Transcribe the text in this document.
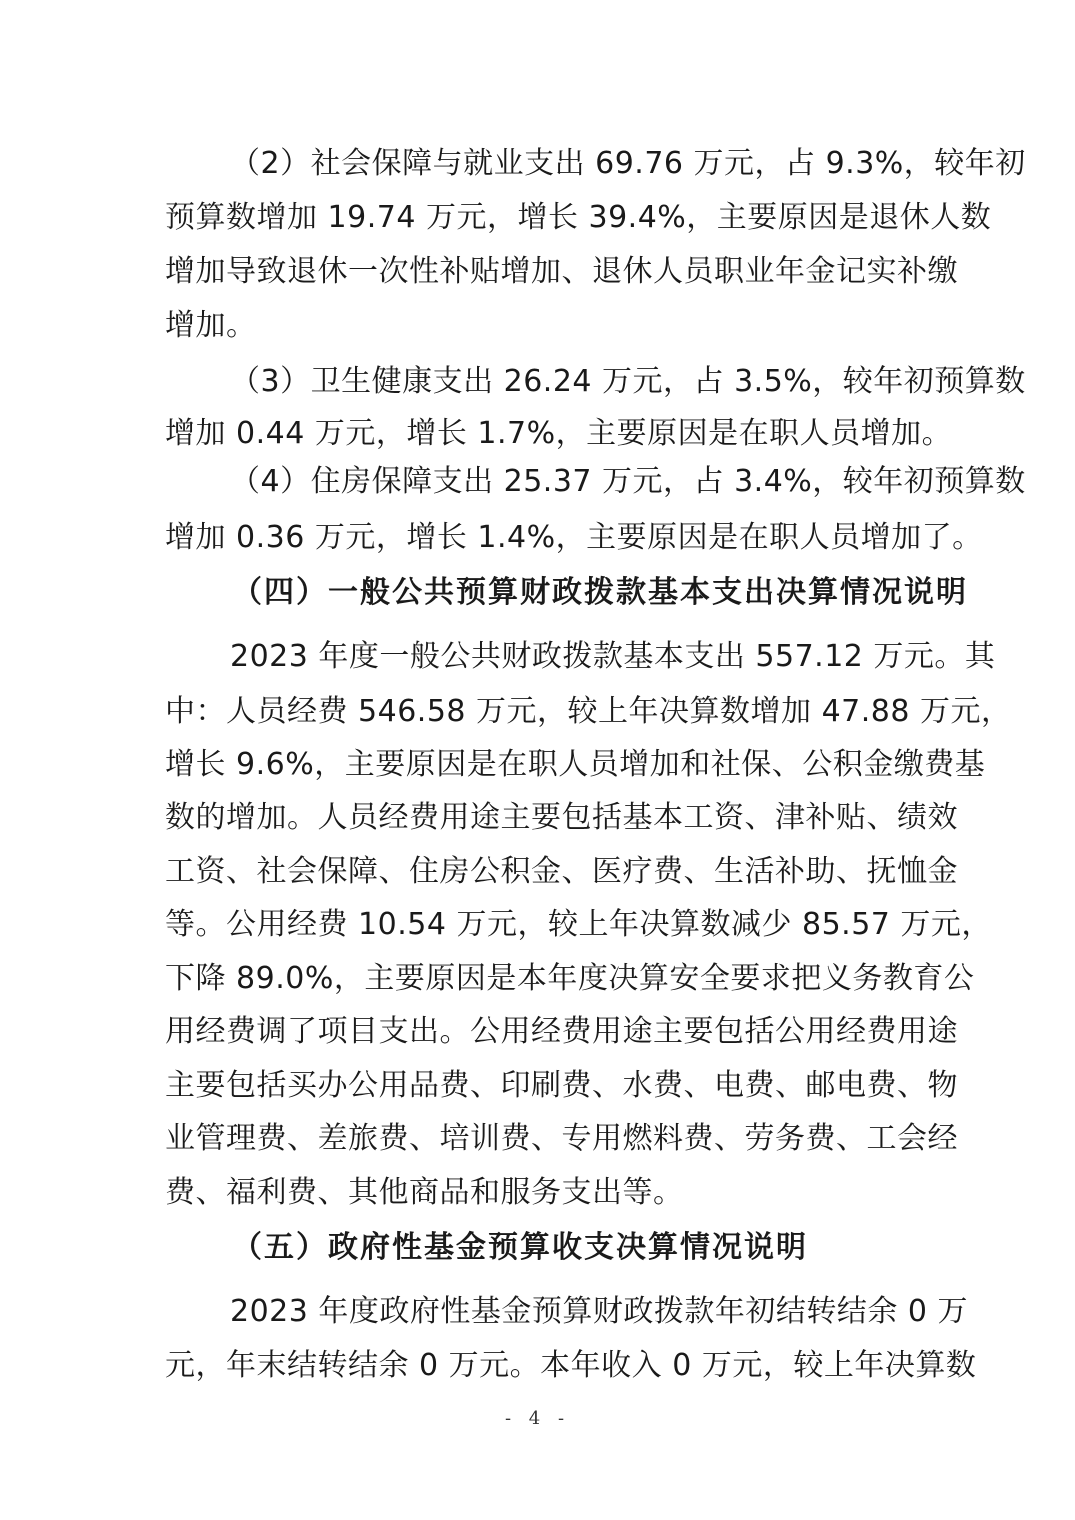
（2）社会保障与就业支出 69.76 万元，占 9.3%，较年初
预算数增加 19.74 万元，增长 39.4%，主要原因是退休人数
增加导致退休一次性补贴增加、退休人员职业年金记实补缴
增加。
（3）卫生健康支出 26.24 万元，占 3.5%，较年初预算数
增加 0.44 万元，增长 1.7%，主要原因是在职人员增加。
（4）住房保障支出 25.37 万元，占 3.4%，较年初预算数
增加 0.36 万元，增长 1.4%，主要原因是在职人员增加了。
（四）一般公共预算财政拨款基本支出决算情况说明
2023 年度一般公共财政拨款基本支出 557.12 万元。其
中：人员经费 546.58 万元，较上年决算数增加 47.88 万元，
增长 9.6%，主要原因是在职人员增加和社保、公积金缴费基
数的增加。人员经费用途主要包括基本工资、津补贴、绩效
工资、社会保障、住房公积金、医疗费、生活补助、抚恤金
等。公用经费 10.54 万元，较上年决算数减少 85.57 万元，
下降 89.0%，主要原因是本年度决算安全要求把义务教育公
用经费调了项目支出。公用经费用途主要包括公用经费用途
主要包括买办公用品费、印刷费、水费、电费、邮电费、物
业管理费、差旅费、培训费、专用燃料费、劳务费、工会经
费、福利费、其他商品和服务支出等。
（五）政府性基金预算收支决算情况说明
2023 年度政府性基金预算财政拨款年初结转结余 0 万
元，年末结转结余 0 万元。本年收入 0 万元，较上年决算数
- 4 -
